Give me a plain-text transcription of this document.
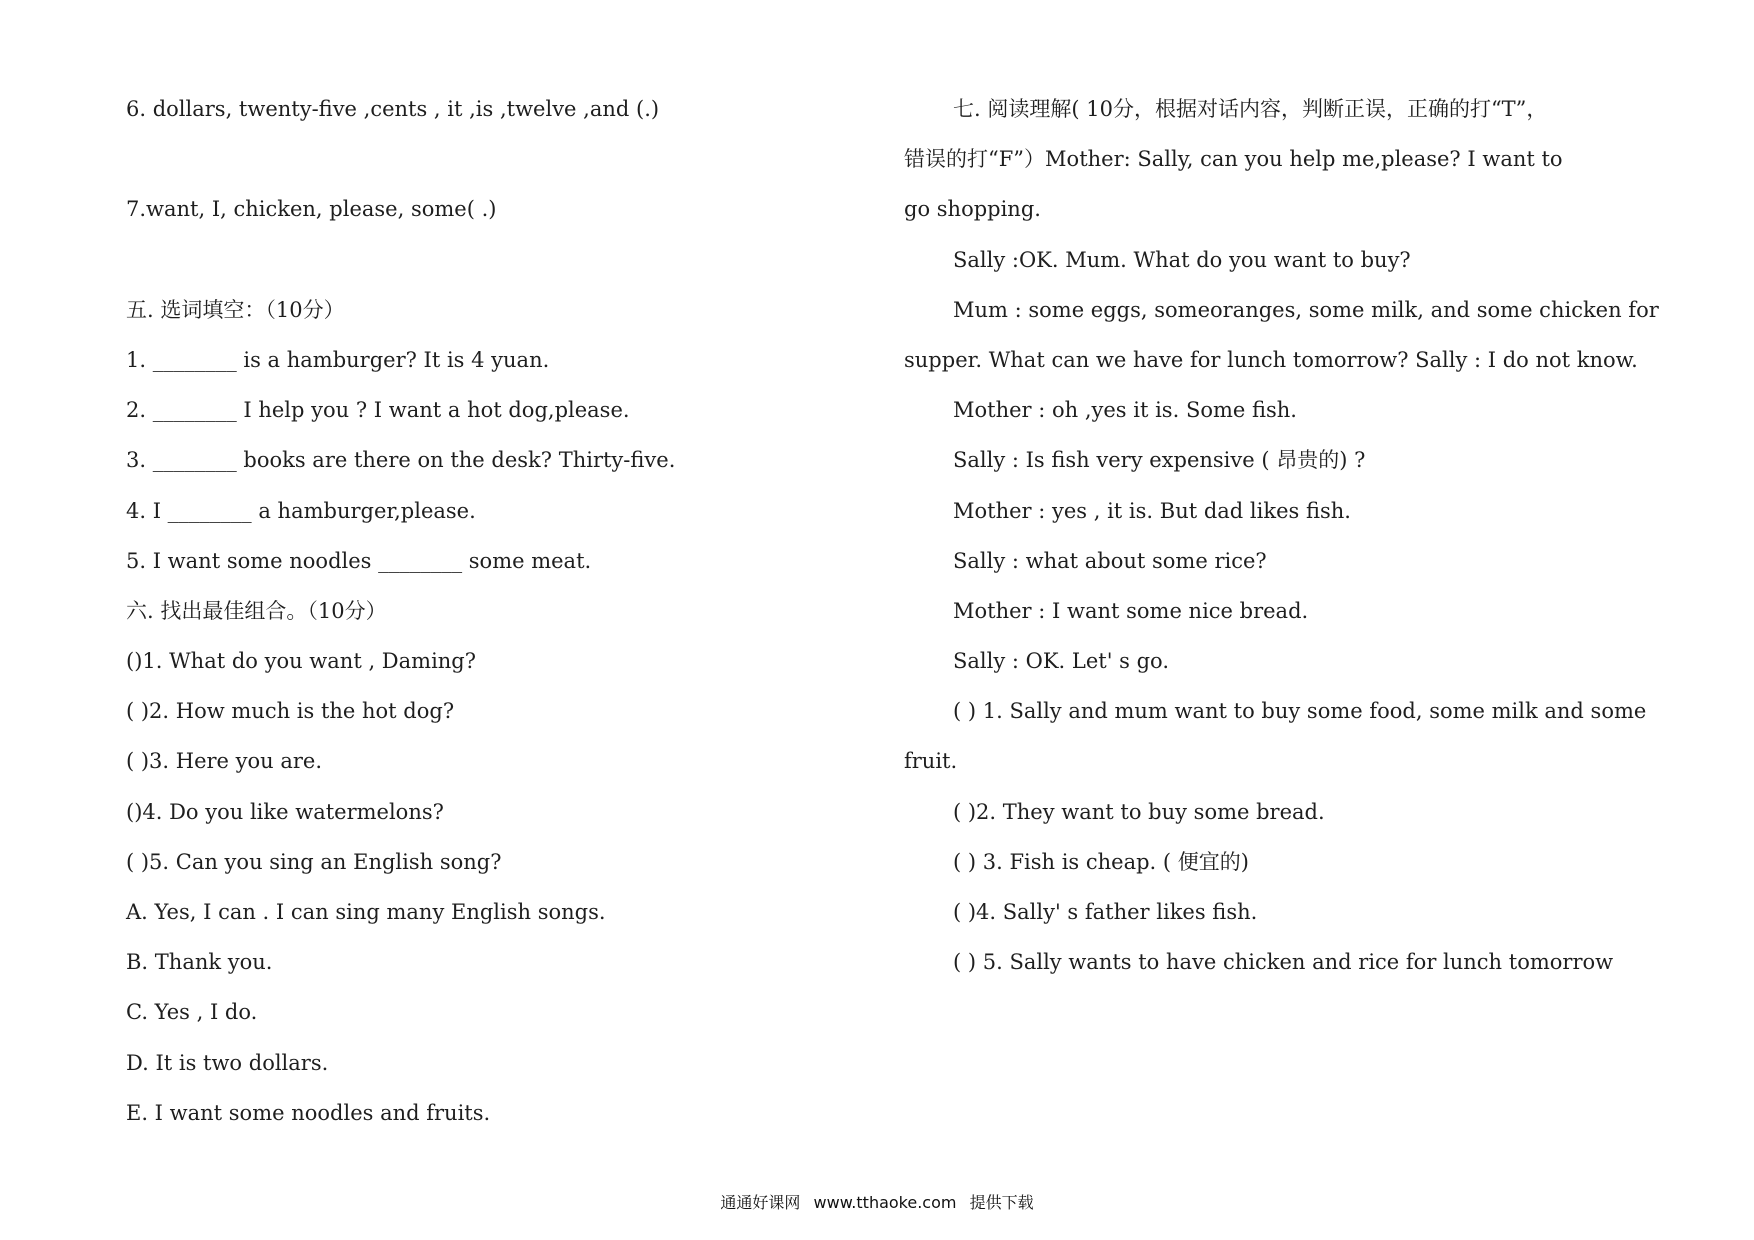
6. dollars, twenty-five ,cents , it ,is ,twelve ,and (.)
7.want, I, chicken, please, some( .)
五. 选词填空：（10分）
1. ________ is a hamburger? It is 4 yuan.
2. ________ I help you ? I want a hot dog,please.
3. ________ books are there on the desk? Thirty-five.
4. I ________ a hamburger,please.
5. I want some noodles ________ some meat.
六. 找出最佳组合。（10分）
()1. What do you want , Daming?
( )2. How much is the hot dog?
( )3. Here you are.
()4. Do you like watermelons?
( )5. Can you sing an English song?
A. Yes, I can . I can sing many English songs.
B. Thank you.
C. Yes , I do.
D. It is two dollars.
E. I want some noodles and fruits.
七. 阅读理解( 10分，根据对话内容，判断正误，正确的打“T”，
错误的打“F”）Mother: Sally, can you help me,please? I want to
go shopping.
Sally :OK. Mum. What do you want to buy?
Mum : some eggs, someoranges, some milk, and some chicken for
supper. What can we have for lunch tomorrow? Sally : I do not know.
Mother : oh ,yes it is. Some fish.
Sally : Is fish very expensive ( 昂贵的) ?
Mother : yes , it is. But dad likes fish.
Sally : what about some rice?
Mother : I want some nice bread.
Sally : OK. Let' s go.
( ) 1. Sally and mum want to buy some food, some milk and some
fruit.
( )2. They want to buy some bread.
( ) 3. Fish is cheap. ( 便宜的)
( )4. Sally' s father likes fish.
( ) 5. Sally wants to have chicken and rice for lunch tomorrow
通通好课网 www.tthaoke.com 提供下载
